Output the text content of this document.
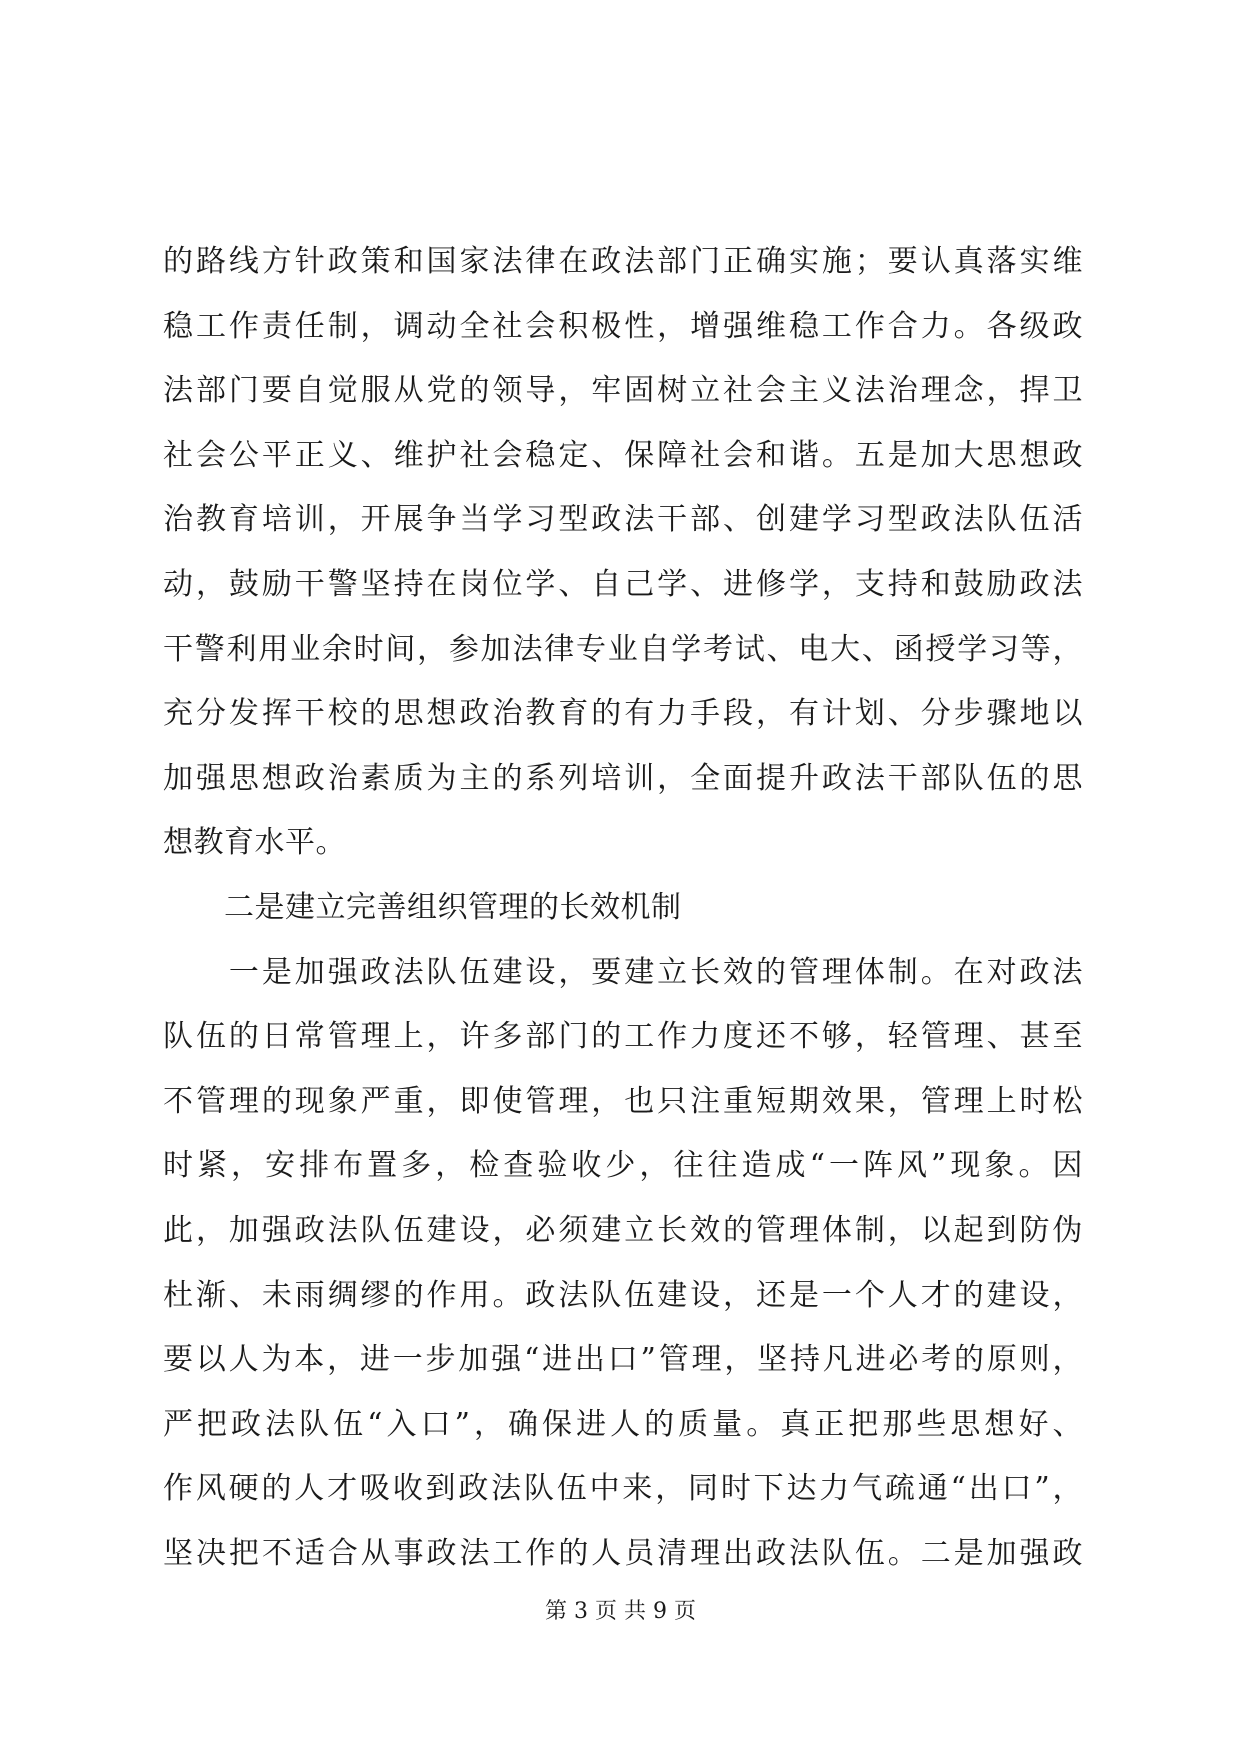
的路线方针政策和国家法律在政法部门正确实施；要认真落实维
稳工作责任制，调动全社会积极性，增强维稳工作合力。各级政
法部门要自觉服从党的领导，牢固树立社会主义法治理念，捍卫
社会公平正义、维护社会稳定、保障社会和谐。五是加大思想政
治教育培训，开展争当学习型政法干部、创建学习型政法队伍活
动，鼓励干警坚持在岗位学、自己学、进修学，支持和鼓励政法
干警利用业余时间，参加法律专业自学考试、电大、函授学习等，
充分发挥干校的思想政治教育的有力手段，有计划、分步骤地以
加强思想政治素质为主的系列培训，全面提升政法干部队伍的思
想教育水平。
　　二是建立完善组织管理的长效机制
　　一是加强政法队伍建设，要建立长效的管理体制。在对政法
队伍的日常管理上，许多部门的工作力度还不够，轻管理、甚至
不管理的现象严重，即使管理，也只注重短期效果，管理上时松
时紧，安排布置多，检查验收少，往往造成“一阵风”现象。因
此，加强政法队伍建设，必须建立长效的管理体制，以起到防伪
杜渐、未雨绸缪的作用。政法队伍建设，还是一个人才的建设，
要以人为本，进一步加强“进出口”管理，坚持凡进必考的原则，
严把政法队伍“入口”，确保进人的质量。真正把那些思想好、
作风硬的人才吸收到政法队伍中来，同时下达力气疏通“出口”，
坚决把不适合从事政法工作的人员清理出政法队伍。二是加强政
第 3 页 共 9 页
